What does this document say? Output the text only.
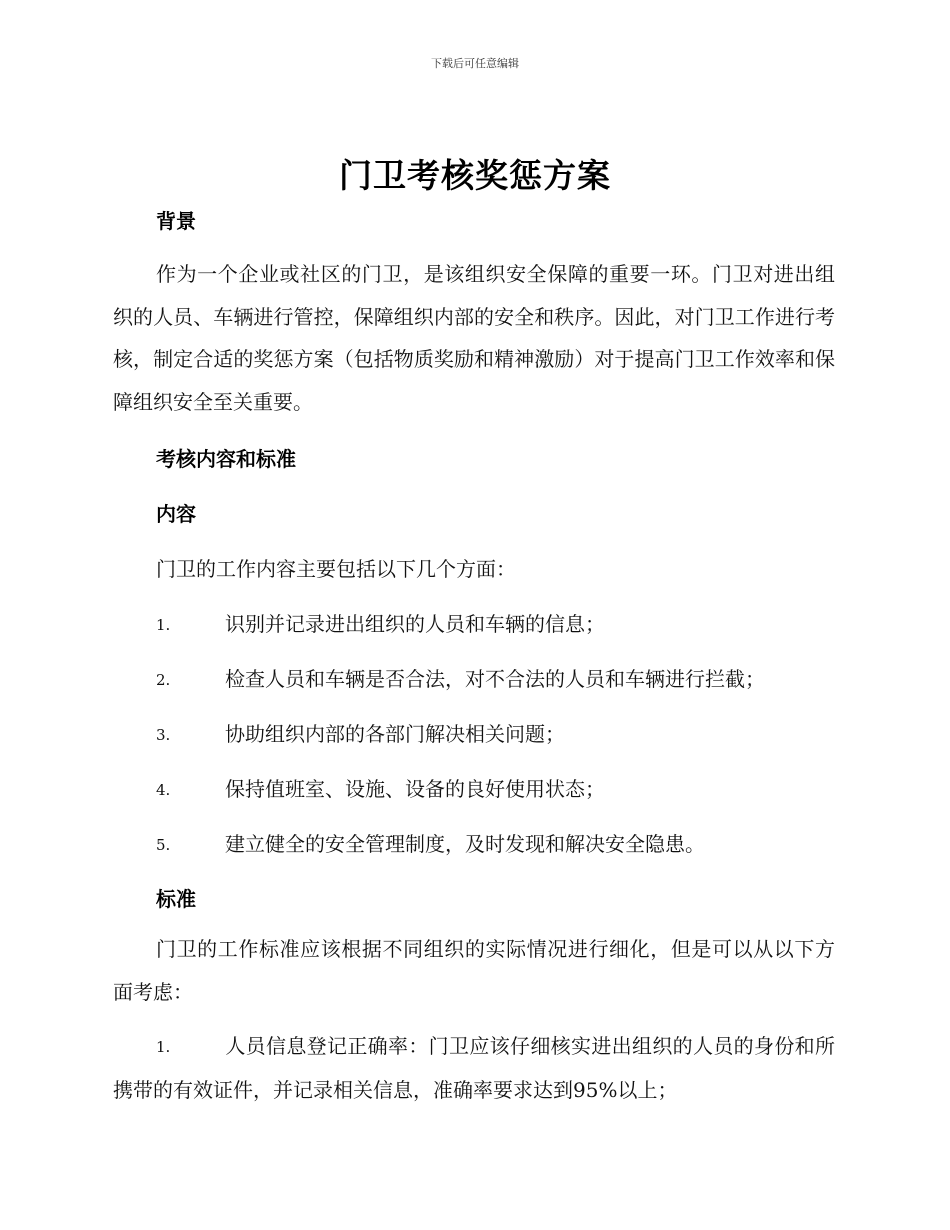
下载后可任意编辑
门卫考核奖惩方案
背景
作为一个企业或社区的门卫，是该组织安全保障的重要一环。门卫对进出组织的人员、车辆进行管控，保障组织内部的安全和秩序。因此，对门卫工作进行考核，制定合适的奖惩方案（包括物质奖励和精神激励）对于提高门卫工作效率和保障组织安全至关重要。
考核内容和标准
内容
门卫的工作内容主要包括以下几个方面：
1.	识别并记录进出组织的人员和车辆的信息；
2.	检查人员和车辆是否合法，对不合法的人员和车辆进行拦截；
3.	协助组织内部的各部门解决相关问题；
4.	保持值班室、设施、设备的良好使用状态；
5.	建立健全的安全管理制度，及时发现和解决安全隐患。
标准
门卫的工作标准应该根据不同组织的实际情况进行细化，但是可以从以下方面考虑：
1.	人员信息登记正确率：门卫应该仔细核实进出组织的人员的身份和所携带的有效证件，并记录相关信息，准确率要求达到95%以上；
